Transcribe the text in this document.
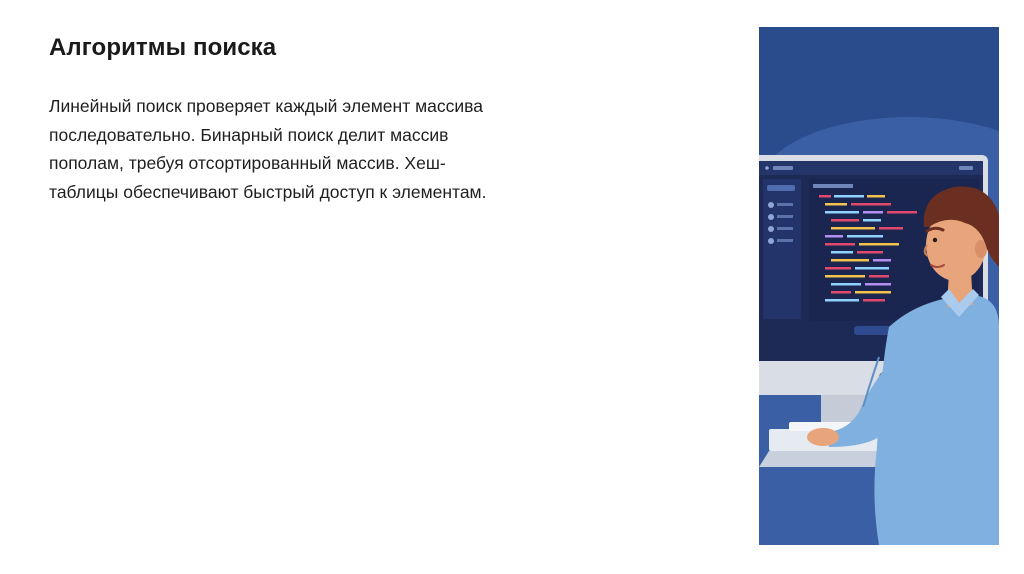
Алгоритмы поиска

Линейный поиск проверяет каждый элемент массива последовательно. Бинарный поиск делит массив пополам, требуя отсортированный массив. Хеш-таблицы обеспечивают быстрый доступ к элементам.
